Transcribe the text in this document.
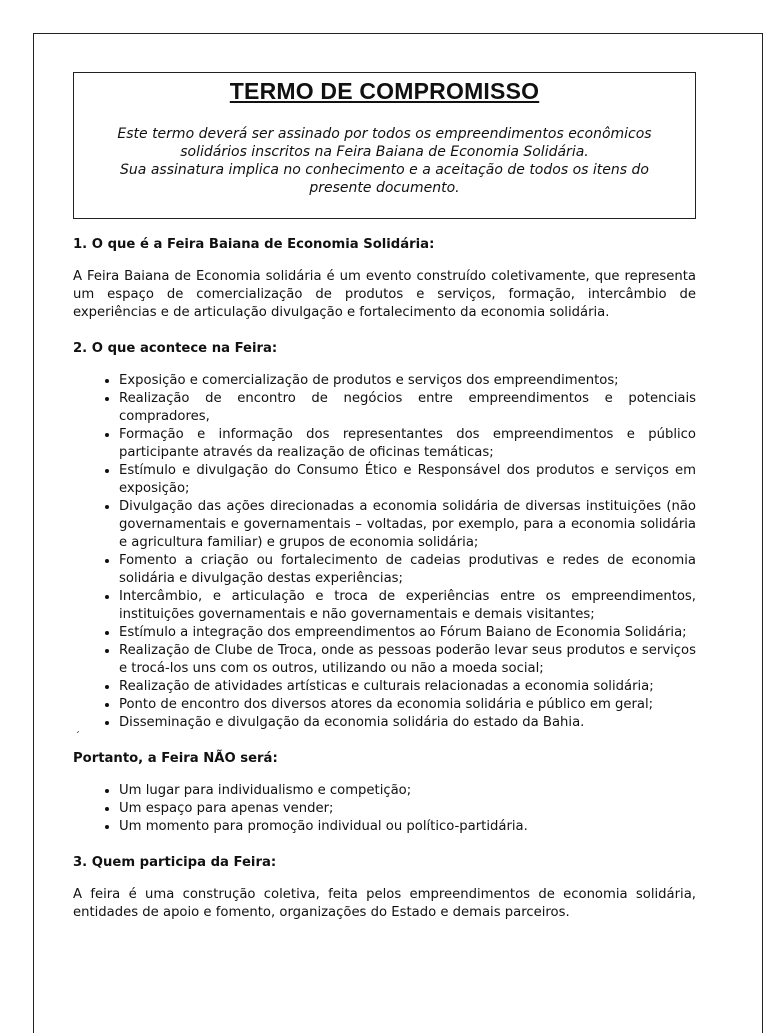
TERMO DE COMPROMISSO

Este termo deverá ser assinado por todos os empreendimentos econômicos solidários inscritos na Feira Baiana de Economia Solidária.

Sua assinatura implica no conhecimento e a aceitação de todos os itens do presente documento.

1. O que é a Feira Baiana de Economia Solidária:

A Feira Baiana de Economia solidária é um evento construído coletivamente, que representa um espaço de comercialização de produtos e serviços, formação, intercâmbio de experiências e de articulação divulgação e fortalecimento da economia solidária.

2. O que acontece na Feira:
• Exposição e comercialização de produtos e serviços dos empreendimentos;
• Realização de encontro de negócios entre empreendimentos e potenciais compradores,
• Formação e informação dos representantes dos empreendimentos e público participante através da realização de oficinas temáticas;
• Estímulo e divulgação do Consumo Ético e Responsável dos produtos e serviços em exposição;
• Divulgação das ações direcionadas a economia solidária de diversas instituições (não governamentais e governamentais – voltadas, por exemplo, para a economia solidária e agricultura familiar) e grupos de economia solidária;
• Fomento a criação ou fortalecimento de cadeias produtivas e redes de economia solidária e divulgação destas experiências;
• Intercâmbio, e articulação e troca de experiências entre os empreendimentos, instituições governamentais e não governamentais e demais visitantes;
• Estímulo a integração dos empreendimentos ao Fórum Baiano de Economia Solidária;
• Realização de Clube de Troca, onde as pessoas poderão levar seus produtos e serviços e trocá-los uns com os outros, utilizando ou não a moeda social;
• Realização de atividades artísticas e culturais relacionadas a economia solidária;
• Ponto de encontro dos diversos atores da economia solidária e público em geral;
• Disseminação e divulgação da economia solidária do estado da Bahia.
´
Portanto, a Feira NÃO será:
• Um lugar para individualismo e competição;
• Um espaço para apenas vender;
• Um momento para promoção individual ou político-partidária.
3. Quem participa da Feira:

A feira é uma construção coletiva, feita pelos empreendimentos de economia solidária, entidades de apoio e fomento, organizações do Estado e demais parceiros.
